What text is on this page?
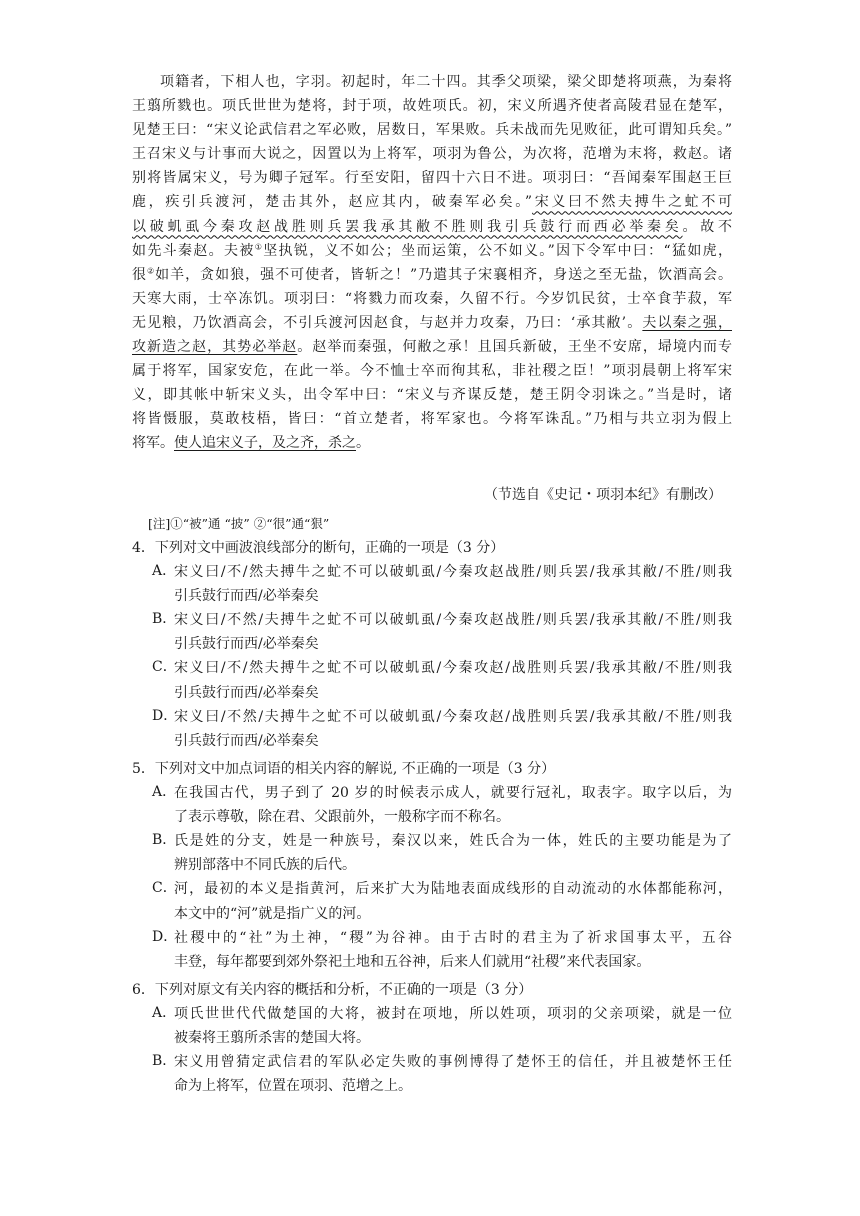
项籍者，下相人也，字羽。初起时，年二十四。其季父项梁，梁父即楚将项燕，为秦将
王翦所戮也。项氏世世为楚将，封于项，故姓项氏。初，宋义所遇齐使者高陵君显在楚军，
见楚王曰：“宋义论武信君之军必败，居数日，军果败。兵未战而先见败征，此可谓知兵矣。”
王召宋义与计事而大说之，因置以为上将军，项羽为鲁公，为次将，范增为末将，救赵。诸
别将皆属宋义，号为卿子冠军。行至安阳，留四十六日不进。项羽曰：“吾闻秦军围赵王巨
鹿，疾引兵渡河，楚击其外，赵应其内，破秦军必矣。”宋义曰不然夫搏牛之虻不可
以破虮虱今秦攻赵战胜则兵罢我承其敝不胜则我引兵鼓行而西必举秦矣。故不
如先斗秦赵。夫被①坚执锐，义不如公；坐而运策，公不如义。”因下令军中曰：“猛如虎，
很②如羊，贪如狼，强不可使者，皆斩之！”乃遣其子宋襄相齐，身送之至无盐，饮酒高会。
天寒大雨，士卒冻饥。项羽曰：“将戮力而攻秦，久留不行。今岁饥民贫，士卒食芋菽，军
无见粮，乃饮酒高会，不引兵渡河因赵食，与赵并力攻秦，乃曰：‘承其敝’。夫以秦之强，
攻新造之赵，其势必举赵。赵举而秦强，何敝之承！且国兵新破，王坐不安席，埽境内而专
属于将军，国家安危，在此一举。今不恤士卒而徇其私，非社稷之臣！”项羽晨朝上将军宋
义，即其帐中斩宋义头，出令军中曰：“宋义与齐谋反楚，楚王阴令羽诛之。”当是时，诸
将皆慑服，莫敢枝梧，皆曰：“首立楚者，将军家也。今将军诛乱。”乃相与共立羽为假上
将军。使人追宋义子，及之齐，杀之。
（节选自《史记・项羽本纪》有删改）
[注]①“被”通 “披” ②“很”通“狠”
4．下列对文中画波浪线部分的断句，正确的一项是（3 分）
A．
宋义曰/不/然夫搏牛之虻不可以破虮虱/今秦攻赵战胜/则兵罢/我承其敝/不胜/则我
引兵鼓行而西/必举秦矣
B．
宋义曰/不然/夫搏牛之虻不可以破虮虱/今秦攻赵战胜/则兵罢/我承其敝/不胜/则我
引兵鼓行而西/必举秦矣
C．
宋义曰/不/然夫搏牛之虻不可以破虮虱/今秦攻赵/战胜则兵罢/我承其敝/不胜/则我
引兵鼓行而西/必举秦矣
D．
宋义曰/不然/夫搏牛之虻不可以破虮虱/今秦攻赵/战胜则兵罢/我承其敝/不胜/则我
引兵鼓行而西/必举秦矣
5．下列对文中加点词语的相关内容的解说, 不正确的一项是（3 分）
A．
在我国古代，男子到了 20 岁的时候表示成人，就要行冠礼，取表字。取字以后，为
了表示尊敬，除在君、父跟前外，一般称字而不称名。
B．
氏是姓的分支，姓是一种族号，秦汉以来，姓氏合为一体，姓氏的主要功能是为了
辨别部落中不同氏族的后代。
C．
河，最初的本义是指黄河，后来扩大为陆地表面成线形的自动流动的水体都能称河，
本文中的“河”就是指广义的河。
D．
社稷中的“社”为土神，“稷”为谷神。由于古时的君主为了祈求国事太平，五谷
丰登，每年都要到郊外祭祀土地和五谷神，后来人们就用“社稷”来代表国家。
6．下列对原文有关内容的概括和分析，不正确的一项是（3 分）
A．
项氏世世代代做楚国的大将，被封在项地，所以姓项，项羽的父亲项梁，就是一位
被秦将王翦所杀害的楚国大将。
B．
宋义用曾猜定武信君的军队必定失败的事例博得了楚怀王的信任，并且被楚怀王任
命为上将军，位置在项羽、范增之上。
